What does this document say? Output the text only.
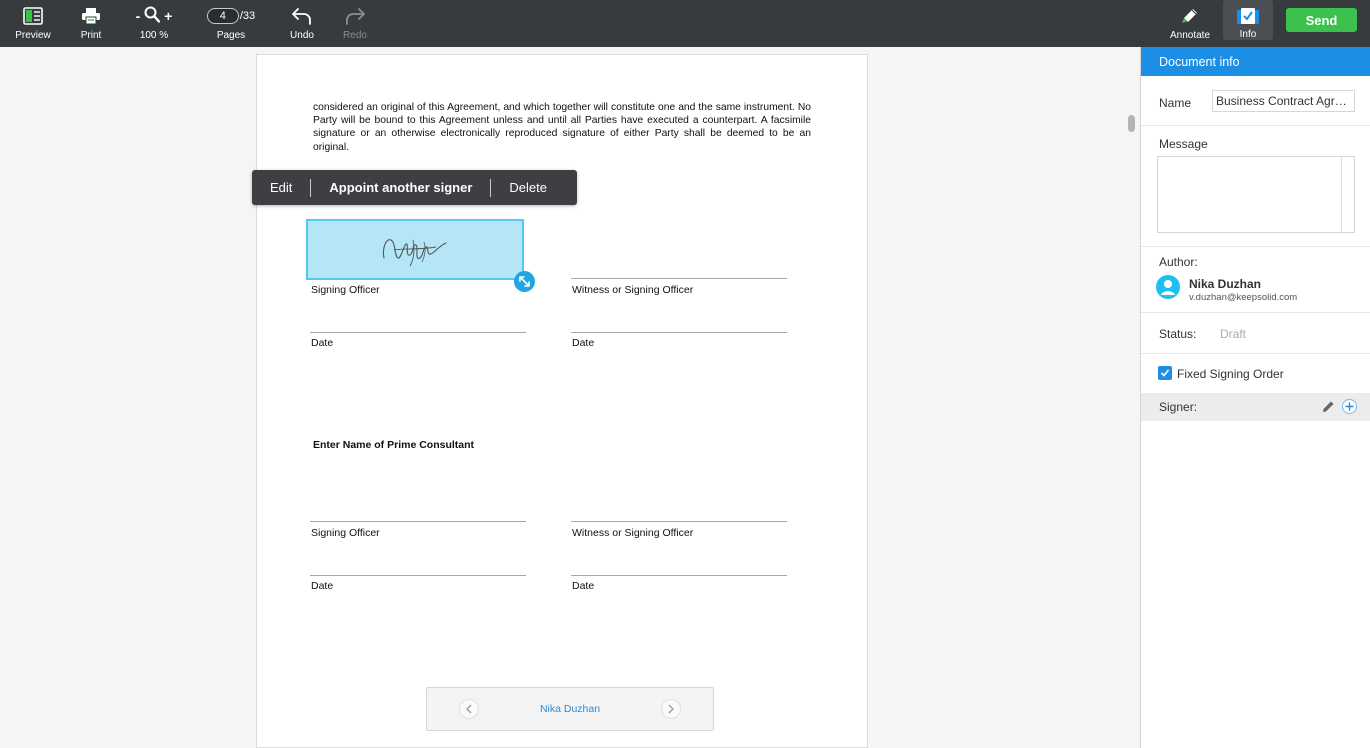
Preview	Print
- +
100 %
4	/33
Pages	Undo	Redo	Annotate	Info
Send
considered an original of this Agreement, and which together will constitute one and the same instrument. No Party will be bound to this Agreement unless and until all Parties have executed a counterpart. A facsimile signature or an otherwise electronically reproduced signature of either Party shall be deemed to be an original.
Edit	Appoint another signer	Delete
Signing Officer	Witness or Signing Officer
Date	Date
Enter Name of Prime Consultant
Signing Officer	Witness or Signing Officer
Date	Date
Nika Duzhan
Document info
Name	Business Contract Agr…
Message
Author:
Nika Duzhan
v.duzhan@keepsolid.com
Status: Draft
Fixed Signing Order
Signer:
